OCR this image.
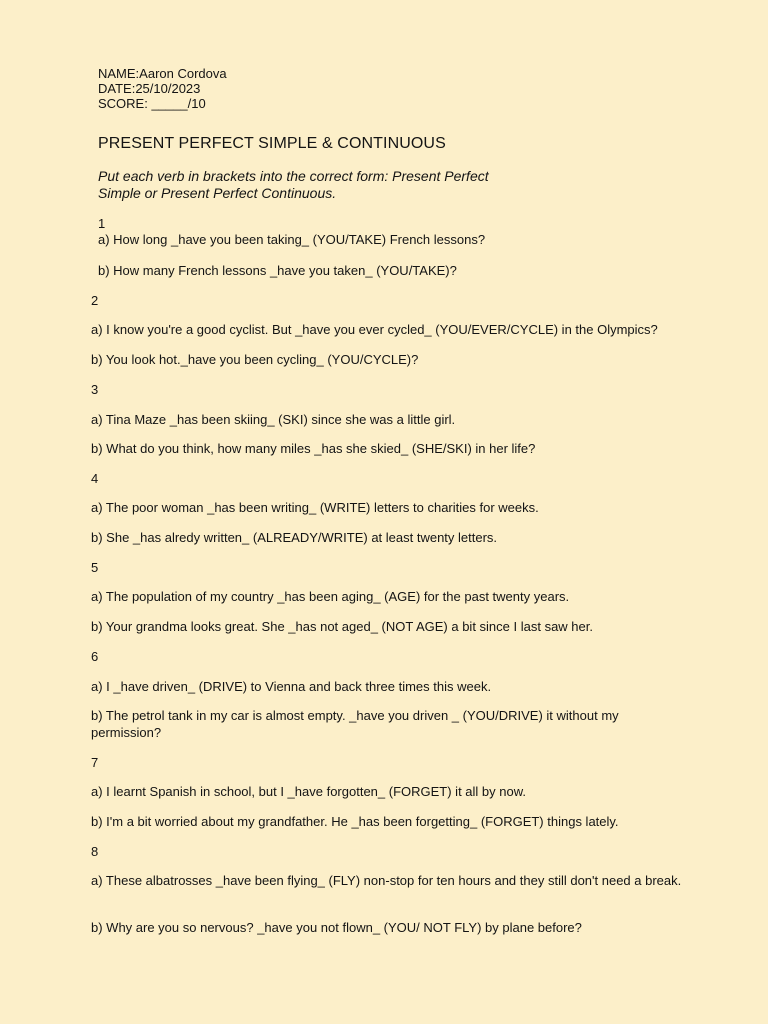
NAME:Aaron Cordova
DATE:25/10/2023
SCORE: _____/10
PRESENT PERFECT SIMPLE & CONTINUOUS
Put each verb in brackets into the correct form: Present Perfect Simple or Present Perfect Continuous.
1
a) How long _have you been taking_ (YOU/TAKE) French lessons?
b) How many French lessons _have you taken_ (YOU/TAKE)?
2
a) I know you're a good cyclist. But _have you ever cycled_ (YOU/EVER/CYCLE) in the Olympics?
b) You look hot._have you been cycling_ (YOU/CYCLE)?
3
a) Tina Maze _has been skiing_ (SKI) since she was a little girl.
b) What do you think, how many miles _has she skied_ (SHE/SKI) in her life?
4
a) The poor woman _has been writing_ (WRITE) letters to charities for weeks.
b) She _has alredy written_ (ALREADY/WRITE) at least twenty letters.
5
a) The population of my country _has been aging_ (AGE) for the past twenty years.
b) Your grandma looks great. She _has not aged_ (NOT AGE) a bit since I last saw her.
6
a) I _have driven_ (DRIVE) to Vienna and back three times this week.
b) The petrol tank in my car is almost empty. _have you driven _ (YOU/DRIVE) it without my permission?
7
a) I learnt Spanish in school, but I _have forgotten_ (FORGET) it all by now.
b) I'm a bit worried about my grandfather. He _has been forgetting_ (FORGET) things lately.
8
a) These albatrosses _have been flying_ (FLY) non-stop for ten hours and they still don't need a break.
b) Why are you so nervous? _have you not flown_ (YOU/ NOT FLY) by plane before?
